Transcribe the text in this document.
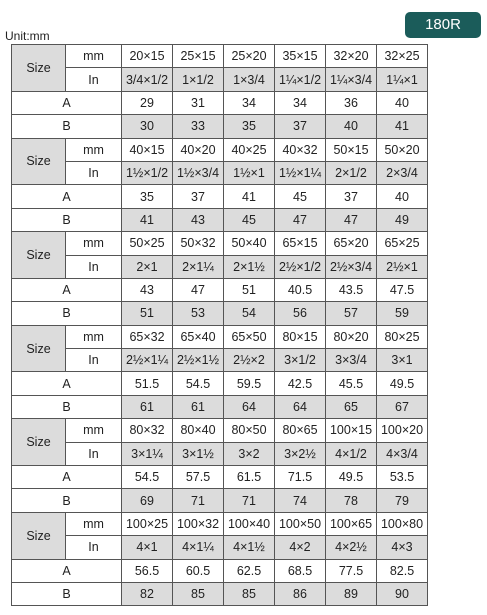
Unit:mm
180R
Size	mm	20×15	25×15	25×20	35×15	32×20	32×25
	In	3/4×1/2	1×1/2	1×3/4	1¼×1/2	1¼×3/4	1¼×1
A		29	31	34	34	36	40
B		30	33	35	37	40	41
Size	mm	40×15	40×20	40×25	40×32	50×15	50×20
	In	1½×1/2	1½×3/4	1½×1	1½×1¼	2×1/2	2×3/4
A		35	37	41	45	37	40
B		41	43	45	47	47	49
Size	mm	50×25	50×32	50×40	65×15	65×20	65×25
	In	2×1	2×1¼	2×1½	2½×1/2	2½×3/4	2½×1
A		43	47	51	40.5	43.5	47.5
B		51	53	54	56	57	59
Size	mm	65×32	65×40	65×50	80×15	80×20	80×25
	In	2½×1¼	2½×1½	2½×2	3×1/2	3×3/4	3×1
A		51.5	54.5	59.5	42.5	45.5	49.5
B		61	61	64	64	65	67
Size	mm	80×32	80×40	80×50	80×65	100×15	100×20
	In	3×1¼	3×1½	3×2	3×2½	4×1/2	4×3/4
A		54.5	57.5	61.5	71.5	49.5	53.5
B		69	71	71	74	78	79
Size	mm	100×25	100×32	100×40	100×50	100×65	100×80
	In	4×1	4×1¼	4×1½	4×2	4×2½	4×3
A		56.5	60.5	62.5	68.5	77.5	82.5
B		82	85	85	86	89	90
